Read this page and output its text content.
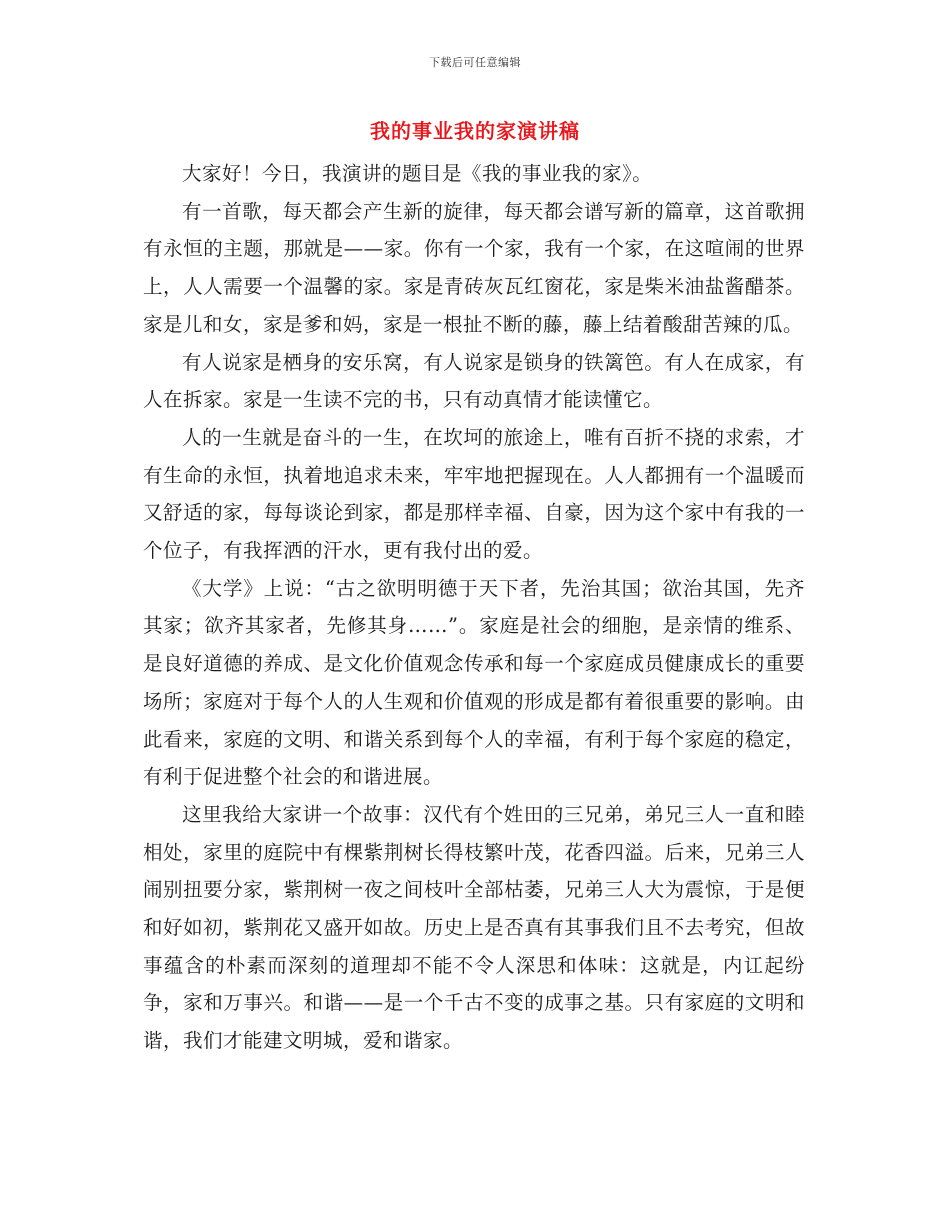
下载后可任意编辑
我的事业我的家演讲稿

大家好！今日，我演讲的题目是《我的事业我的家》。

有一首歌，每天都会产生新的旋律，每天都会谱写新的篇章，这首歌拥有永恒的主题，那就是——家。你有一个家，我有一个家，在这喧闹的世界上，人人需要一个温馨的家。家是青砖灰瓦红窗花，家是柴米油盐酱醋茶。家是儿和女，家是爹和妈，家是一根扯不断的藤，藤上结着酸甜苦辣的瓜。

有人说家是栖身的安乐窝，有人说家是锁身的铁篱笆。有人在成家，有人在拆家。家是一生读不完的书，只有动真情才能读懂它。

人的一生就是奋斗的一生，在坎坷的旅途上，唯有百折不挠的求索，才有生命的永恒，执着地追求未来，牢牢地把握现在。人人都拥有一个温暖而又舒适的家，每每谈论到家，都是那样幸福、自豪，因为这个家中有我的一个位子，有我挥洒的汗水，更有我付出的爱。

《大学》上说：“古之欲明明德于天下者，先治其国；欲治其国，先齐其家；欲齐其家者，先修其身……”。家庭是社会的细胞，是亲情的维系、是良好道德的养成、是文化价值观念传承和每一个家庭成员健康成长的重要场所；家庭对于每个人的人生观和价值观的形成是都有着很重要的影响。由此看来，家庭的文明、和谐关系到每个人的幸福，有利于每个家庭的稳定，有利于促进整个社会的和谐进展。

这里我给大家讲一个故事：汉代有个姓田的三兄弟，弟兄三人一直和睦相处，家里的庭院中有棵紫荆树长得枝繁叶茂，花香四溢。后来，兄弟三人闹别扭要分家，紫荆树一夜之间枝叶全部枯萎，兄弟三人大为震惊，于是便和好如初，紫荆花又盛开如故。历史上是否真有其事我们且不去考究，但故事蕴含的朴素而深刻的道理却不能不令人深思和体味：这就是，内讧起纷争，家和万事兴。和谐——是一个千古不变的成事之基。只有家庭的文明和谐，我们才能建文明城，爱和谐家。
